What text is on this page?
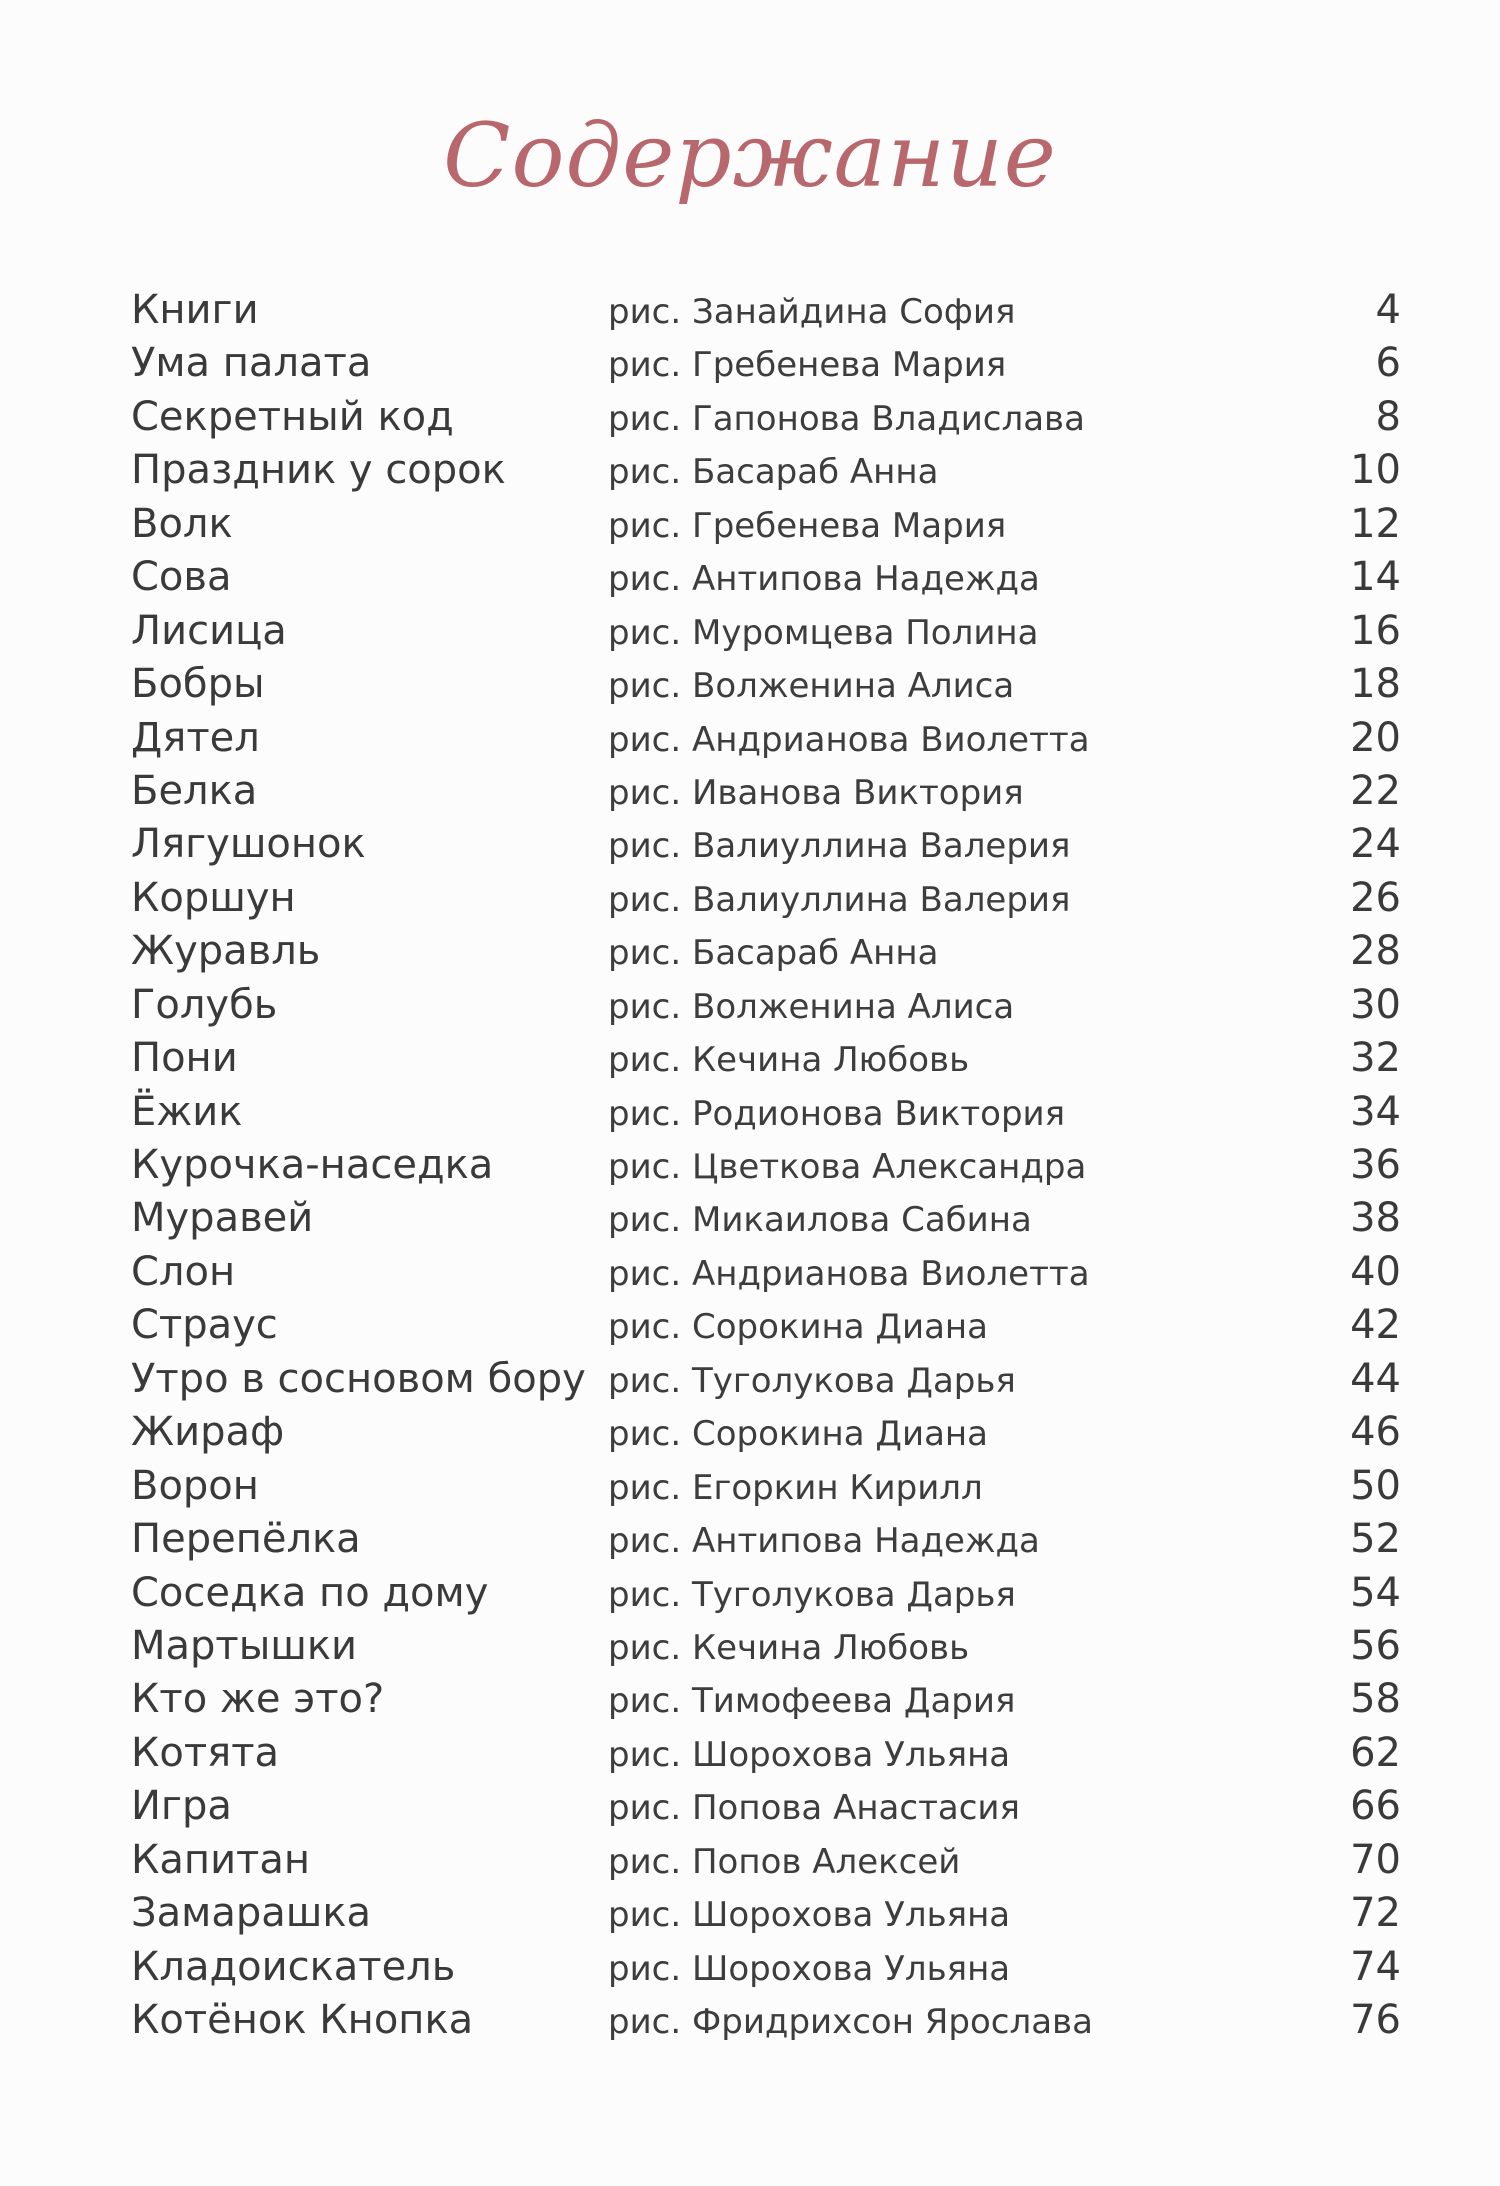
Содержание
Книги	рис. Занайдина София	4
Ума палата	рис. Гребенева Мария	6
Секретный код	рис. Гапонова Владислава	8
Праздник у сорок	рис. Басараб Анна	10
Волк	рис. Гребенева Мария	12
Сова	рис. Антипова Надежда	14
Лисица	рис. Муромцева Полина	16
Бобры	рис. Волженина Алиса	18
Дятел	рис. Андрианова Виолетта	20
Белка	рис. Иванова Виктория	22
Лягушонок	рис. Валиуллина Валерия	24
Коршун	рис. Валиуллина Валерия	26
Журавль	рис. Басараб Анна	28
Голубь	рис. Волженина Алиса	30
Пони	рис. Кечина Любовь	32
Ёжик	рис. Родионова Виктория	34
Курочка-наседка	рис. Цветкова Александра	36
Муравей	рис. Микаилова Сабина	38
Слон	рис. Андрианова Виолетта	40
Страус	рис. Сорокина Диана	42
Утро в сосновом бору рис. Туголукова Дарья	44
Жираф	рис. Сорокина Диана	46
Ворон	рис. Егоркин Кирилл	50
Перепёлка	рис. Антипова Надежда	52
Соседка по дому	рис. Туголукова Дарья	54
Мартышки	рис. Кечина Любовь	56
Кто же это?	рис. Тимофеева Дария	58
Котята	рис. Шорохова Ульяна	62
Игра	рис. Попова Анастасия	66
Капитан	рис. Попов Алексей	70
Замарашка	рис. Шорохова Ульяна	72
Кладоискатель	рис. Шорохова Ульяна	74
Котёнок Кнопка	рис. Фридрихсон Ярослава	76
